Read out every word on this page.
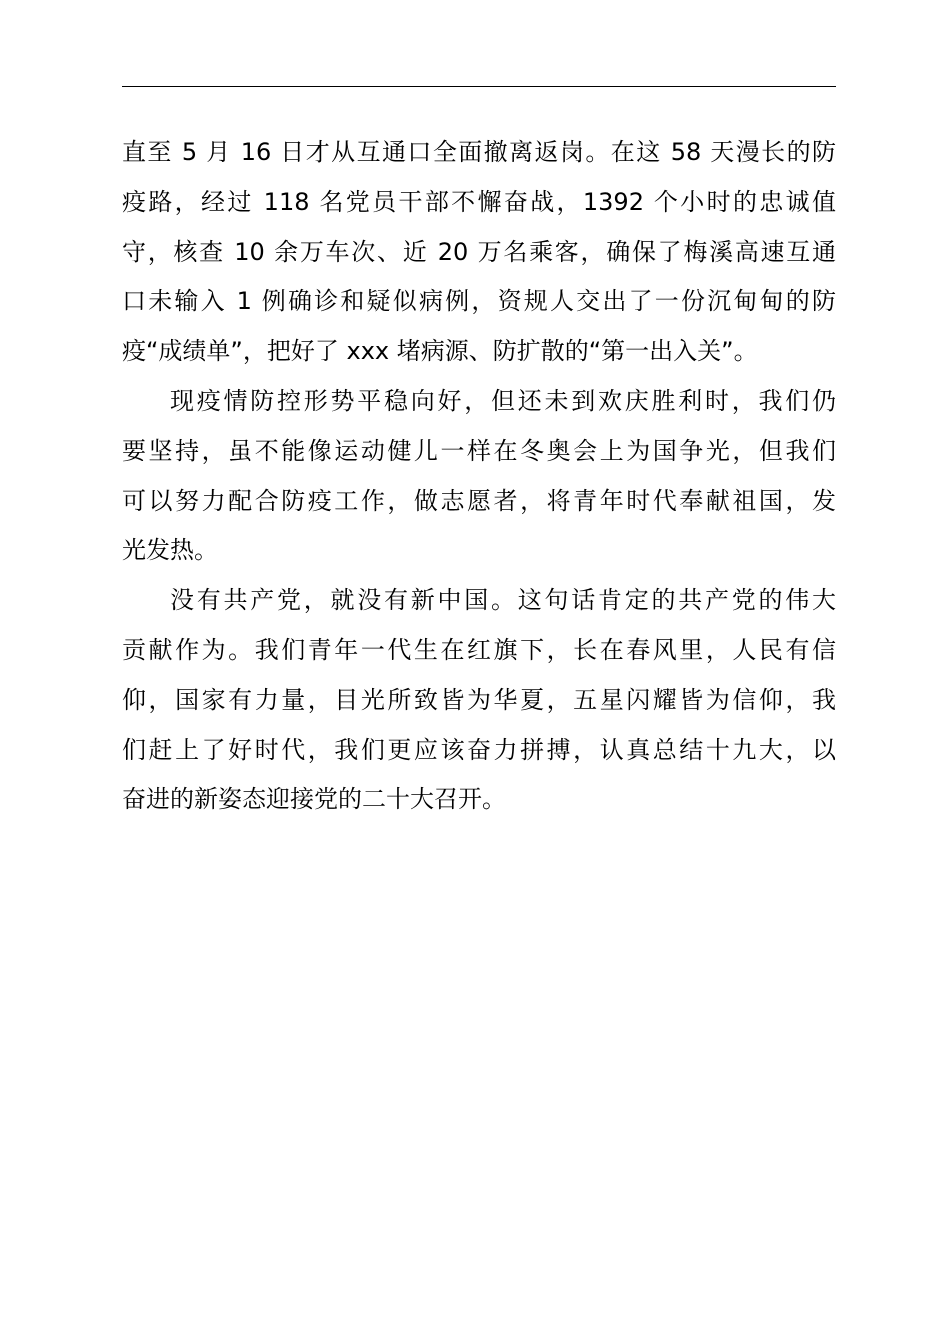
直至 5 月 16 日才从互通口全面撤离返岗。在这 58 天漫长的防
疫路，经过 118 名党员干部不懈奋战，1392 个小时的忠诚值
守，核查 10 余万车次、近 20 万名乘客，确保了梅溪高速互通
口未输入 1 例确诊和疑似病例，资规人交出了一份沉甸甸的防
疫“成绩单”，把好了 xxx 堵病源、防扩散的“第一出入关”。
现疫情防控形势平稳向好，但还未到欢庆胜利时，我们仍
要坚持，虽不能像运动健儿一样在冬奥会上为国争光，但我们
可以努力配合防疫工作，做志愿者，将青年时代奉献祖国，发
光发热。
没有共产党，就没有新中国。这句话肯定的共产党的伟大
贡献作为。我们青年一代生在红旗下，长在春风里，人民有信
仰，国家有力量，目光所致皆为华夏，五星闪耀皆为信仰，我
们赶上了好时代，我们更应该奋力拼搏，认真总结十九大，以
奋进的新姿态迎接党的二十大召开。
